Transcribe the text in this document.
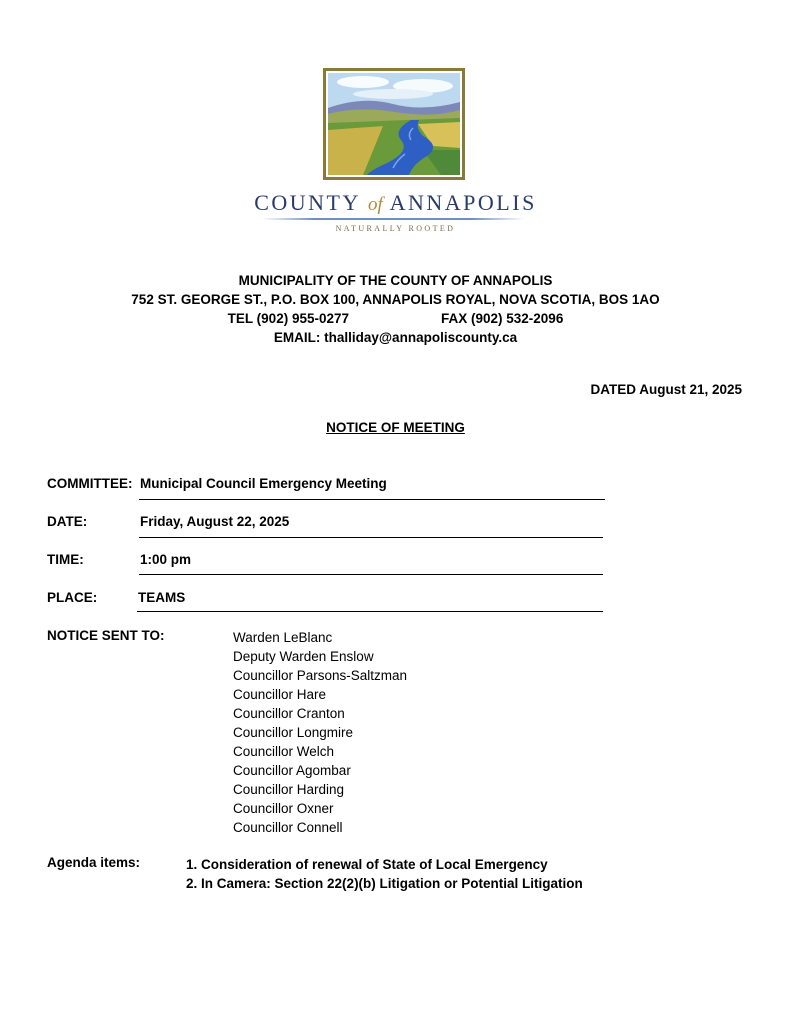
COUNTY of ANNAPOLIS
NATURALLY ROOTED
MUNICIPALITY OF THE COUNTY OF ANNAPOLIS
752 ST. GEORGE ST., P.O. BOX 100, ANNAPOLIS ROYAL, NOVA SCOTIA, BOS 1AO
TEL (902) 955-0277	FAX (902) 532-2096
EMAIL: thalliday@annapoliscounty.ca
DATED August 21, 2025
NOTICE OF MEETING
COMMITTEE: Municipal Council Emergency Meeting
DATE:	Friday, August 22, 2025
TIME:	1:00 pm
PLACE:	TEAMS
NOTICE SENT TO:	Warden LeBlanc
Deputy Warden Enslow
Councillor Parsons-Saltzman
Councillor Hare
Councillor Cranton
Councillor Longmire
Councillor Welch
Councillor Agombar
Councillor Harding
Councillor Oxner
Councillor Connell
Agenda items:	1. Consideration of renewal of State of Local Emergency
2. In Camera: Section 22(2)(b) Litigation or Potential Litigation
